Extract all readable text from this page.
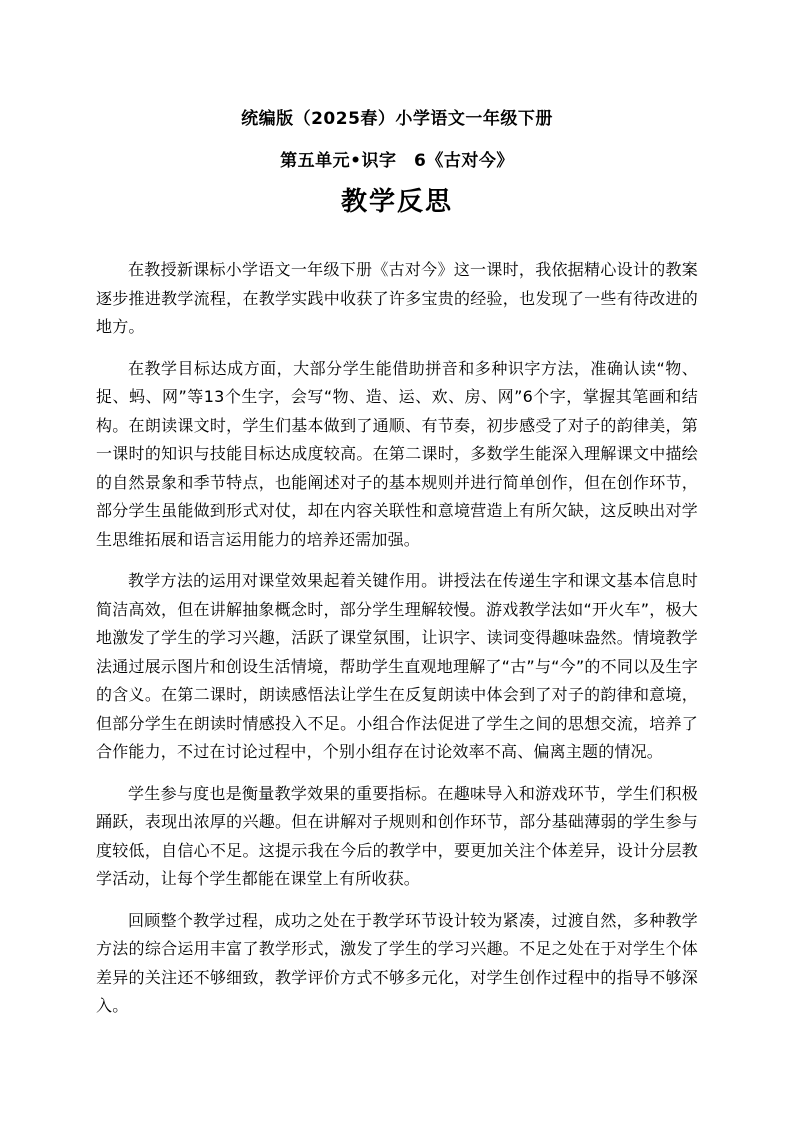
统编版（2025春）小学语文一年级下册
第五单元•识字　6《古对今》
教学反思

在教授新课标小学语文一年级下册《古对今》这一课时，我依据精心设计的教案逐步推进教学流程，在教学实践中收获了许多宝贵的经验，也发现了一些有待改进的地方。

在教学目标达成方面，大部分学生能借助拼音和多种识字方法，准确认读“物、捉、蚂、网”等13个生字，会写“物、造、运、欢、房、网”6个字，掌握其笔画和结构。在朗读课文时，学生们基本做到了通顺、有节奏，初步感受了对子的韵律美，第一课时的知识与技能目标达成度较高。在第二课时，多数学生能深入理解课文中描绘的自然景象和季节特点，也能阐述对子的基本规则并进行简单创作，但在创作环节，部分学生虽能做到形式对仗，却在内容关联性和意境营造上有所欠缺，这反映出对学生思维拓展和语言运用能力的培养还需加强。

教学方法的运用对课堂效果起着关键作用。讲授法在传递生字和课文基本信息时简洁高效，但在讲解抽象概念时，部分学生理解较慢。游戏教学法如“开火车”，极大地激发了学生的学习兴趣，活跃了课堂氛围，让识字、读词变得趣味盎然。情境教学法通过展示图片和创设生活情境，帮助学生直观地理解了“古”与“今”的不同以及生字的含义。在第二课时，朗读感悟法让学生在反复朗读中体会到了对子的韵律和意境，但部分学生在朗读时情感投入不足。小组合作法促进了学生之间的思想交流，培养了合作能力，不过在讨论过程中，个别小组存在讨论效率不高、偏离主题的情况。

学生参与度也是衡量教学效果的重要指标。在趣味导入和游戏环节，学生们积极踊跃，表现出浓厚的兴趣。但在讲解对子规则和创作环节，部分基础薄弱的学生参与度较低，自信心不足。这提示我在今后的教学中，要更加关注个体差异，设计分层教学活动，让每个学生都能在课堂上有所收获。

回顾整个教学过程，成功之处在于教学环节设计较为紧凑，过渡自然，多种教学方法的综合运用丰富了教学形式，激发了学生的学习兴趣。不足之处在于对学生个体差异的关注还不够细致，教学评价方式不够多元化，对学生创作过程中的指导不够深入。
